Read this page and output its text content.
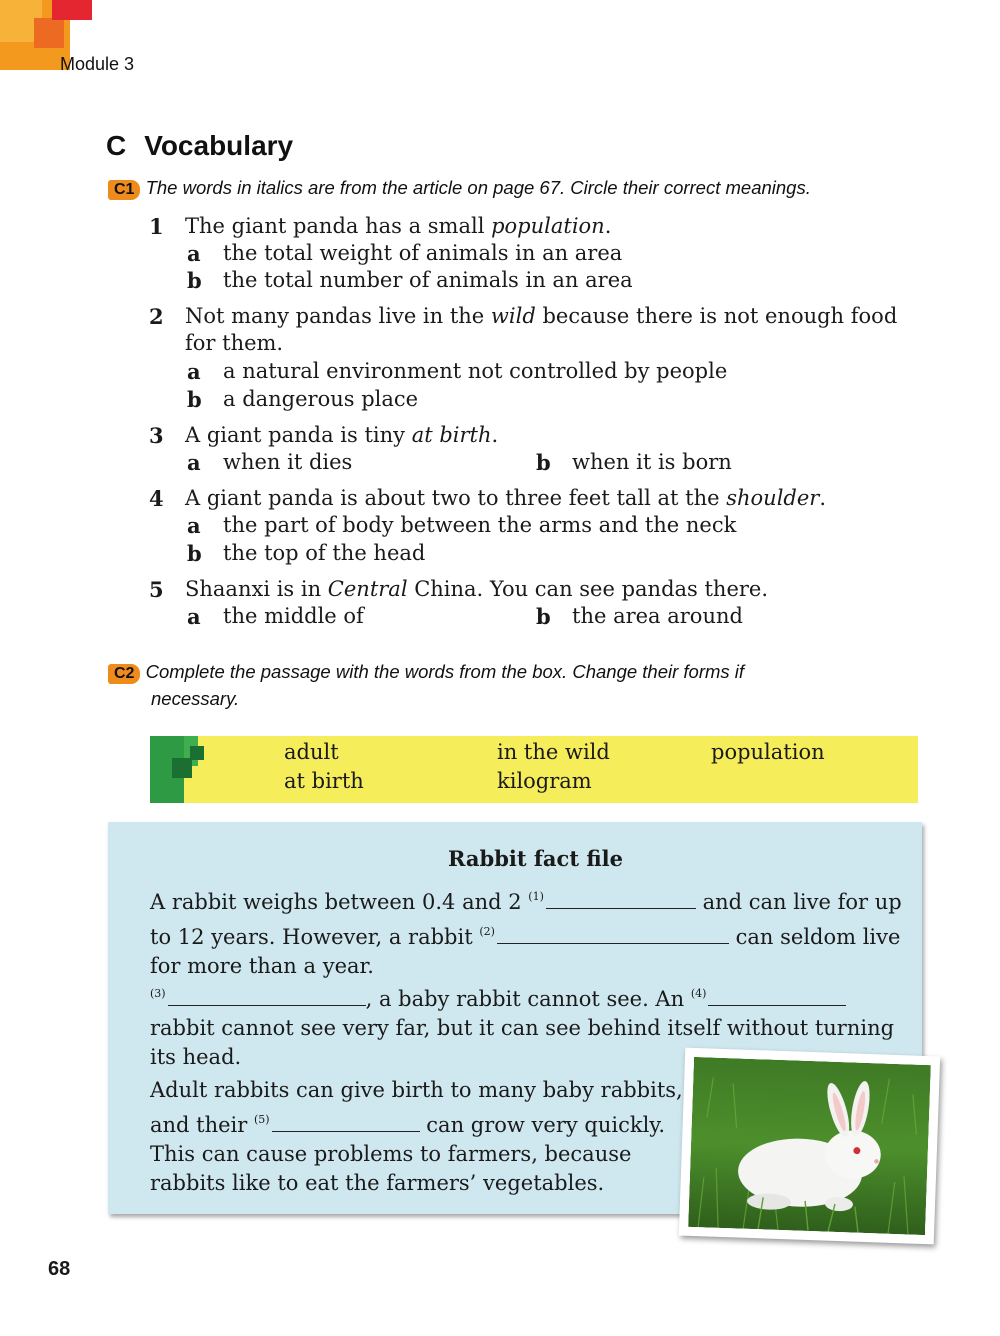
Module 3
C Vocabulary
C1 The words in italics are from the article on page 67. Circle their correct meanings.
1 The giant panda has a small population.
a the total weight of animals in an area
b the total number of animals in an area
2 Not many pandas live in the wild because there is not enough food
for them.
a a natural environment not controlled by people
b a dangerous place
3 A giant panda is tiny at birth.
a when it dies	b when it is born
4 A giant panda is about two to three feet tall at the shoulder.
a the part of body between the arms and the neck
b the top of the head
5 Shaanxi is in Central China. You can see pandas there.
a the middle of	b the area around
C2 Complete the passage with the words from the box. Change their forms if
necessary.
adult	in the wild	population
at birth	kilogram
Rabbit fact file
A rabbit weighs between 0.4 and 2 $^{(1)}$	and can live for up
to 12 years. However, a rabbit $^{(2)}$	can seldom live
for more than a year.
$^{(3)}$	, a baby rabbit cannot see. An $^{(4)}$
rabbit cannot see very far, but it can see behind itself without turning
its head.
Adult rabbits can give birth to many baby rabbits,
and their $^{(5)}$	can grow very quickly.
This can cause problems to farmers, because
rabbits like to eat the farmers’ vegetables.
68
